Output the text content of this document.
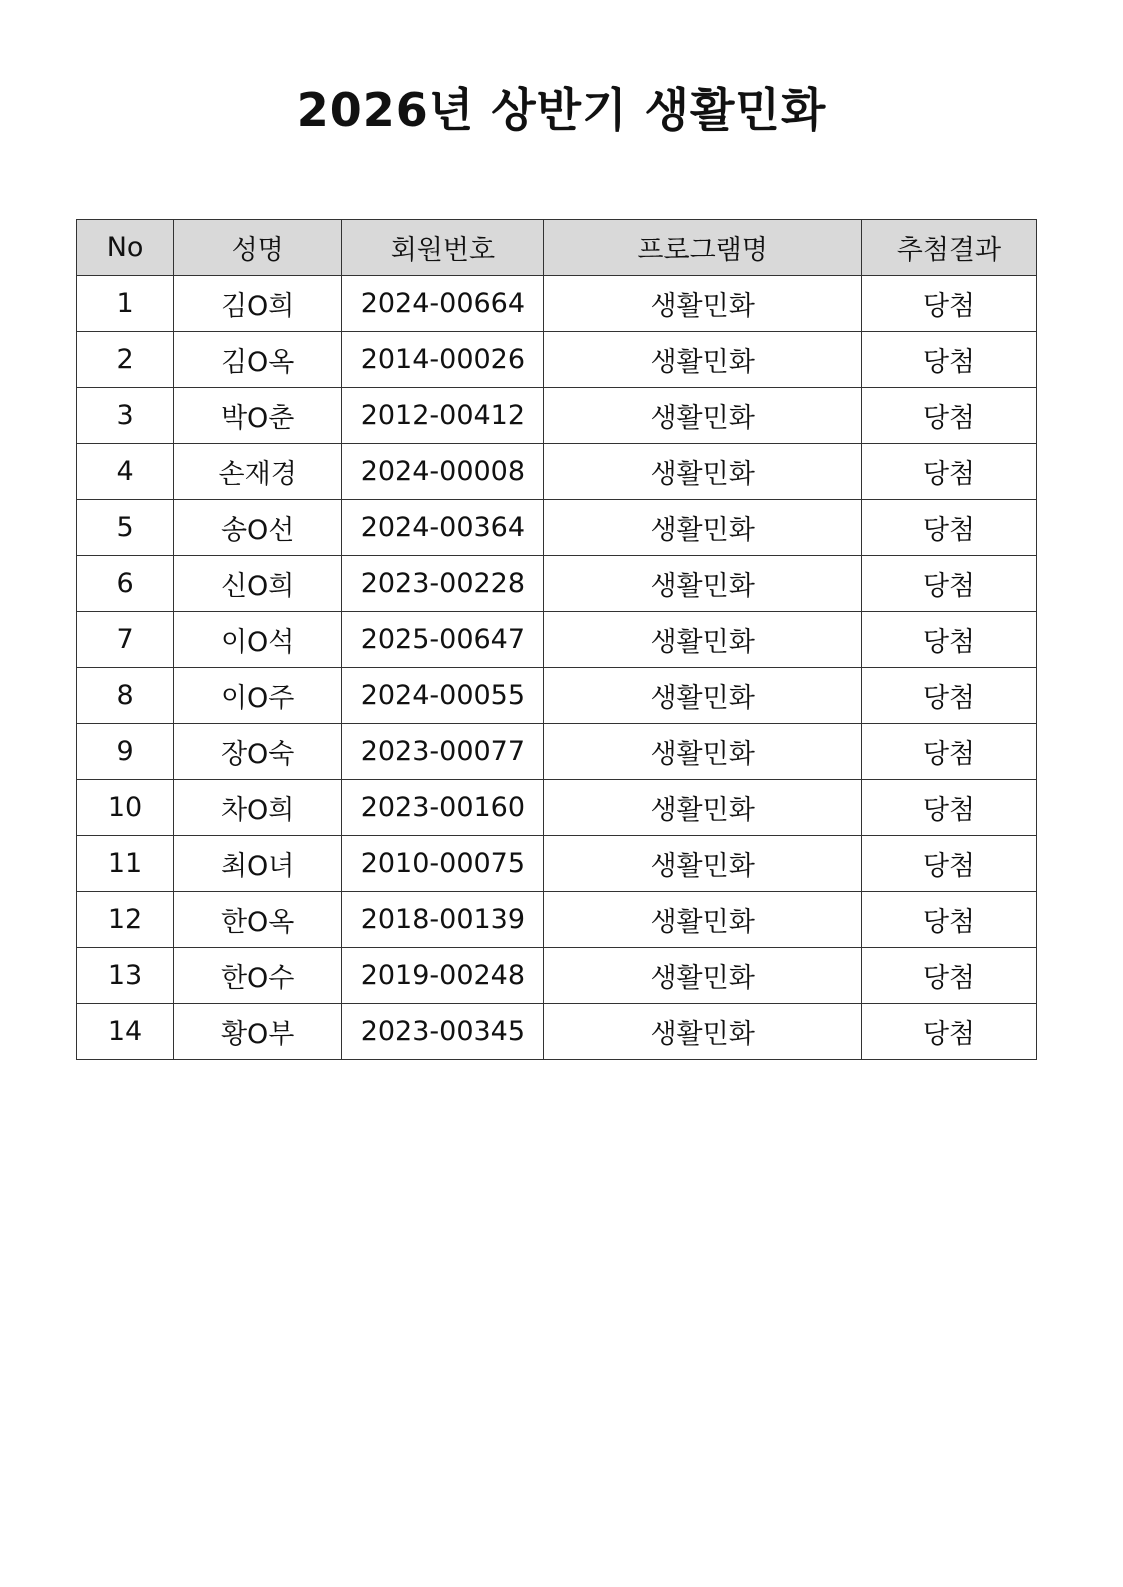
2026년 상반기 생활민화
No	성명	회원번호	프로그램명	추첨결과
1	김O희	2024-00664	생활민화	당첨
2	김O옥	2014-00026	생활민화	당첨
3	박O춘	2012-00412	생활민화	당첨
4	손재경	2024-00008	생활민화	당첨
5	송O선	2024-00364	생활민화	당첨
6	신O희	2023-00228	생활민화	당첨
7	이O석	2025-00647	생활민화	당첨
8	이O주	2024-00055	생활민화	당첨
9	장O숙	2023-00077	생활민화	당첨
10	차O희	2023-00160	생활민화	당첨
11	최O녀	2010-00075	생활민화	당첨
12	한O옥	2018-00139	생활민화	당첨
13	한O수	2019-00248	생활민화	당첨
14	황O부	2023-00345	생활민화	당첨
